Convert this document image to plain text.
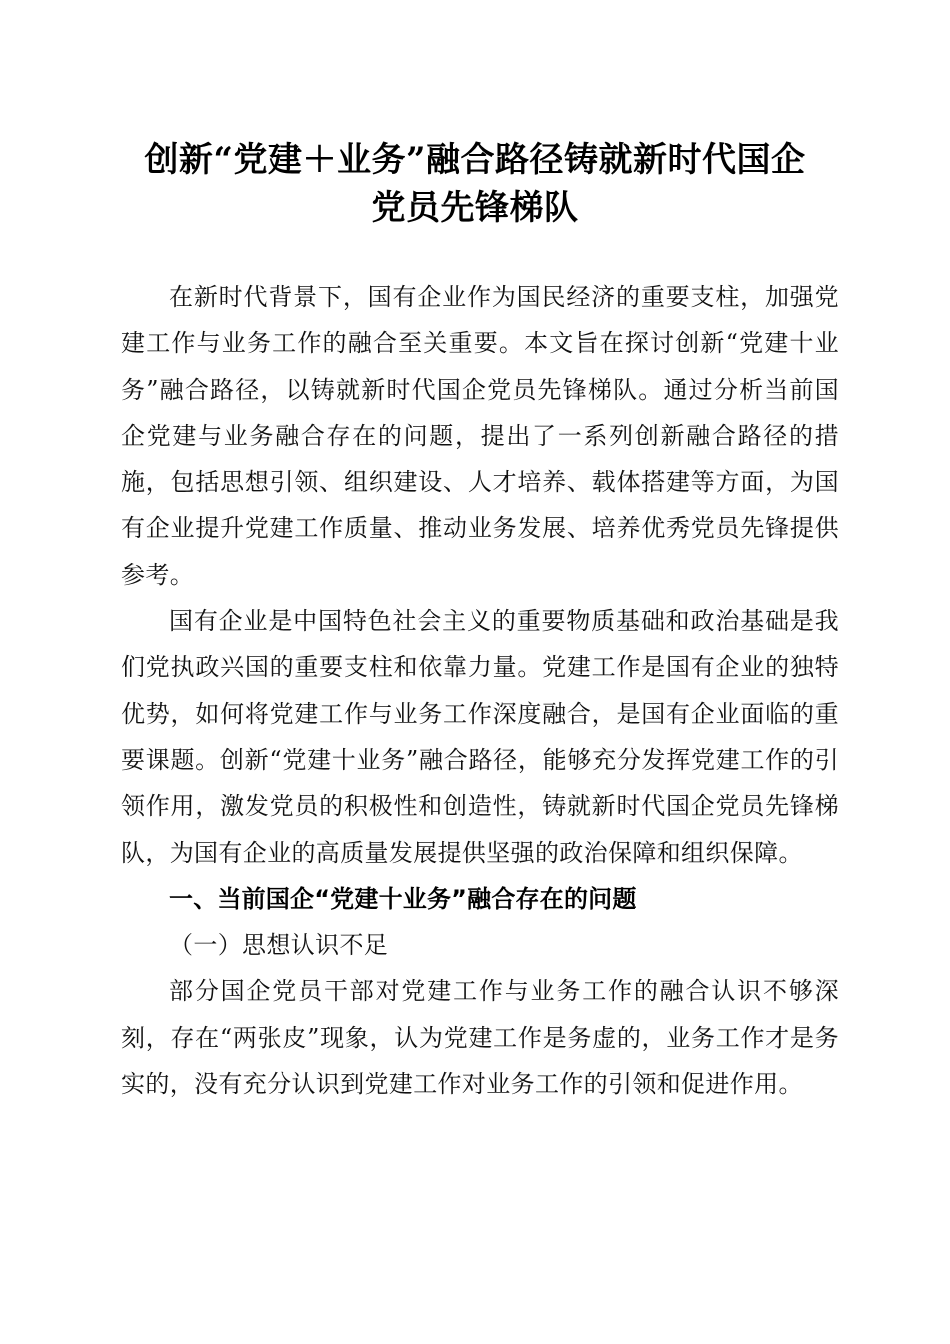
创新“党建＋业务”融合路径铸就新时代国企
党员先锋梯队

在新时代背景下，国有企业作为国民经济的重要支柱，加强党建工作与业务工作的融合至关重要。本文旨在探讨创新“党建十业务”融合路径，以铸就新时代国企党员先锋梯队。通过分析当前国企党建与业务融合存在的问题，提出了一系列创新融合路径的措施，包括思想引领、组织建设、人才培养、载体搭建等方面，为国有企业提升党建工作质量、推动业务发展、培养优秀党员先锋提供参考。

国有企业是中国特色社会主义的重要物质基础和政治基础是我们党执政兴国的重要支柱和依靠力量。党建工作是国有企业的独特优势，如何将党建工作与业务工作深度融合，是国有企业面临的重要课题。创新“党建十业务”融合路径，能够充分发挥党建工作的引领作用，激发党员的积极性和创造性，铸就新时代国企党员先锋梯队，为国有企业的高质量发展提供坚强的政治保障和组织保障。

一、当前国企“党建十业务”融合存在的问题

（一）思想认识不足

部分国企党员干部对党建工作与业务工作的融合认识不够深刻，存在“两张皮”现象，认为党建工作是务虚的，业务工作才是务实的，没有充分认识到党建工作对业务工作的引领和促进作用。
